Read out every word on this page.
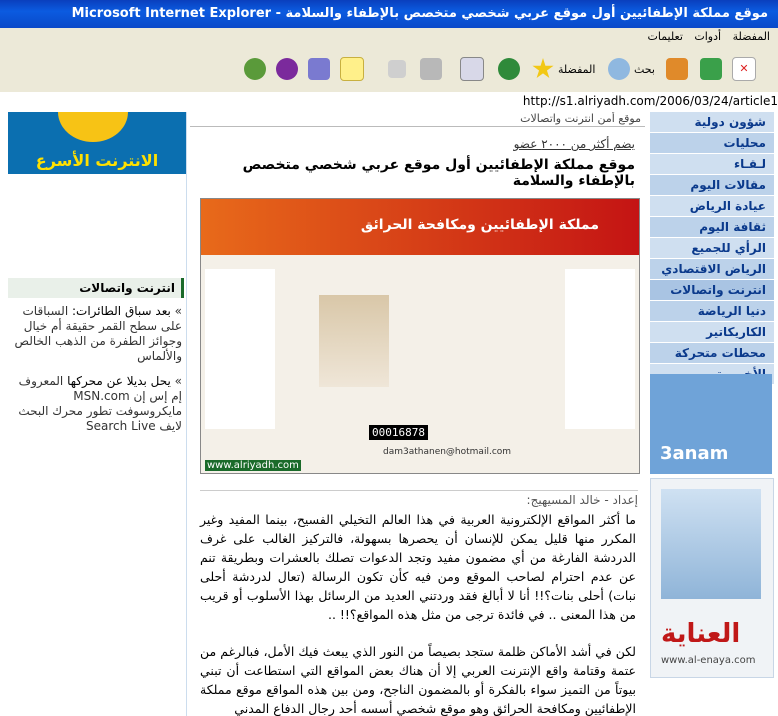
موقع مملكة الإطفائيين أول موقع عربي شخصي متخصص بالإطفاء والسلامة - Microsoft Internet Explorer
المفضلة أدوات تعليمات
✕
بحث
المفضلة
http://s1.alriyadh.com/2006/03/24/article1
الانترنت الأسرع
انترنت واتصالات
» بعد سباق الطائرات: السباقات على سطح القمر حقيقة أم خيال وجوائز الطفرة من الذهب الخالص والألماس
» يحل بديلا عن محركها المعروف إم إس إن MSN.com مايكروسوفت تطور محرك البحث لايف Search Live
موقع أمن انترنت واتصالات
يضم أكثر من ٢٠٠٠ عضو
موقع مملكة الإطفائيين أول موقع عربي شخصي متخصص بالإطفاء والسلامة
مملكة الإطفائيين ومكافحة الحرائق
00016878
dam3athanen@hotmail.com
www.alriyadh.com
إعداد - خالد المسيهيج:

ما أكثر المواقع الإلكترونية العربية في هذا العالم التخيلي الفسيح، بينما المفيد وغير المكرر منها قليل يمكن للإنسان أن يحصرها بسهولة، فالتركيز الغالب على غرف الدردشة الفارغة من أي مضمون مفيد وتجد الدعوات تصلك بالعشرات وبطريقة تنم عن عدم احترام لصاحب الموقع ومن فيه كأن تكون الرسالة (تعال لدردشة أحلى نبات) أحلى بنات؟!! أنا لا أبالغ فقد وردتني العديد من الرسائل بهذا الأسلوب أو قريب من هذا المعنى .. في فائدة ترجى من مثل هذه المواقع؟!! ..

لكن في أشد الأماكن ظلمة ستجد بصيصاً من النور الذي يبعث فيك الأمل، فبالرغم من عتمة وقتامة واقع الإنترنت العربي إلا أن هناك بعض المواقع التي استطاعت أن تبني بيوتاً من التميز سواء بالفكرة أو بالمضمون الناجح، ومن بين هذه المواقع موقع مملكة الإطفائيين ومكافحة الحرائق وهو موقع شخصي أسسه أحد رجال الدفاع المدني

شؤون دولية
محليات
لـقـاء
مقالات اليوم
عيادة الرياض
ثقافة اليوم
الرأي للجميع
الرياض الاقتصادي
انترنت واتصالات
دنيا الرياضة
الكاريكاتير
محطات متحركة
3anam
العناية
www.al-enaya.com
